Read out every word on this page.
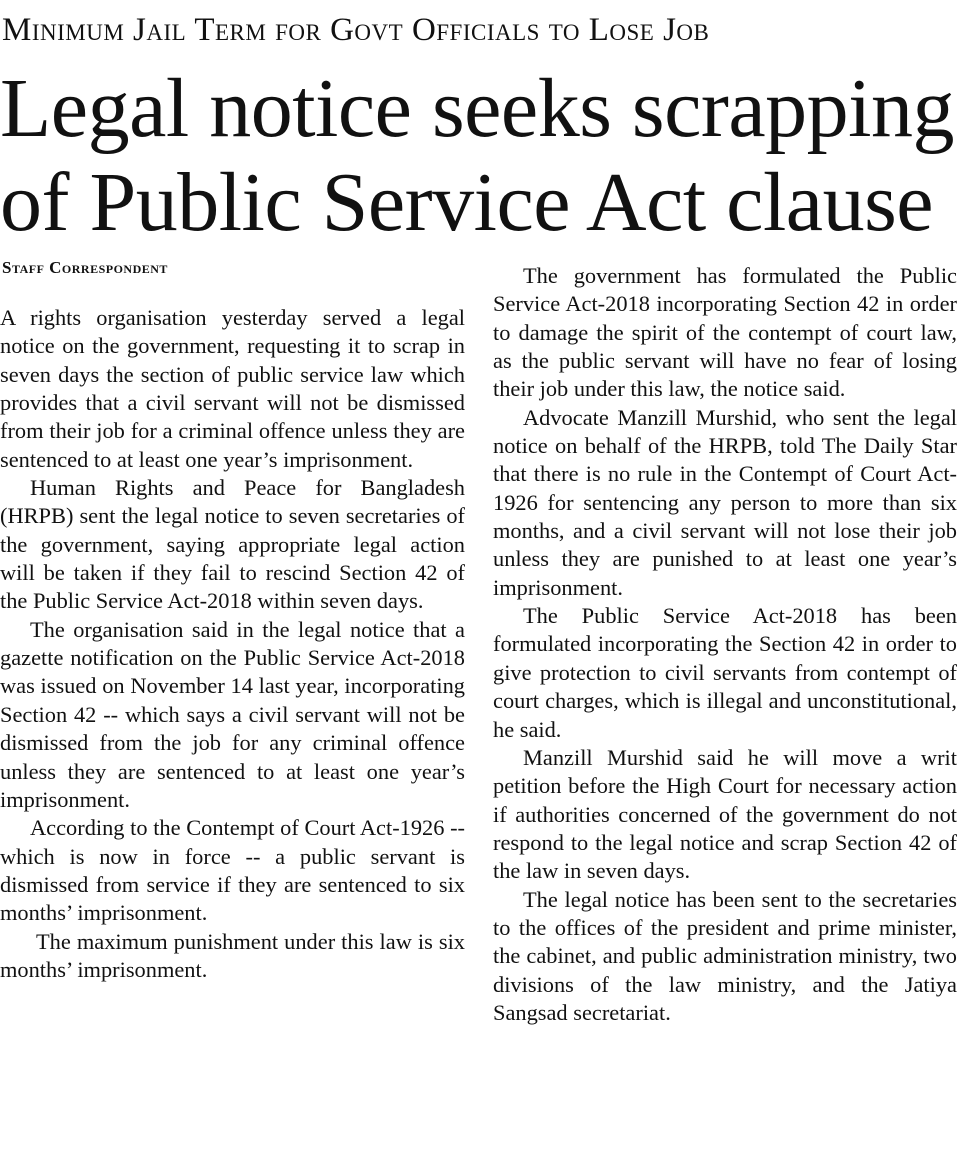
Minimum Jail Term for Govt Officials to Lose Job
Legal notice seeks scrapping of Public Service Act clause
Staff Correspondent

A rights organisation yesterday served a legal notice on the government, requesting it to scrap in seven days the section of public service law which provides that a civil servant will not be dismissed from their job for a criminal offence unless they are sentenced to at least one year’s imprisonment.

Human Rights and Peace for Bangladesh (HRPB) sent the legal notice to seven secretaries of the government, saying appropriate legal action will be taken if they fail to rescind Section 42 of the Public Service Act-2018 within seven days.

The organisation said in the legal notice that a gazette notification on the Public Service Act-2018 was issued on November 14 last year, incorporating Section 42 -- which says a civil servant will not be dismissed from the job for any criminal offence unless they are sentenced to at least one year’s imprisonment.

According to the Contempt of Court Act-1926 -- which is now in force -- a public servant is dismissed from service if they are sentenced to six months’ imprisonment.

The maximum punishment under this law is six months’ imprisonment.

The government has formulated the Public Service Act-2018 incorporating Section 42 in order to damage the spirit of the contempt of court law, as the public servant will have no fear of losing their job under this law, the notice said.

Advocate Manzill Murshid, who sent the legal notice on behalf of the HRPB, told The Daily Star that there is no rule in the Contempt of Court Act-1926 for sentencing any person to more than six months, and a civil servant will not lose their job unless they are punished to at least one year’s imprisonment.

The Public Service Act-2018 has been formulated incorporating the Section 42 in order to give protection to civil servants from contempt of court charges, which is illegal and unconstitutional, he said.

Manzill Murshid said he will move a writ petition before the High Court for necessary action if authorities concerned of the government do not respond to the legal notice and scrap Section 42 of the law in seven days.

The legal notice has been sent to the secretaries to the offices of the president and prime minister, the cabinet, and public administration ministry, two divisions of the law ministry, and the Jatiya Sangsad secretariat.
